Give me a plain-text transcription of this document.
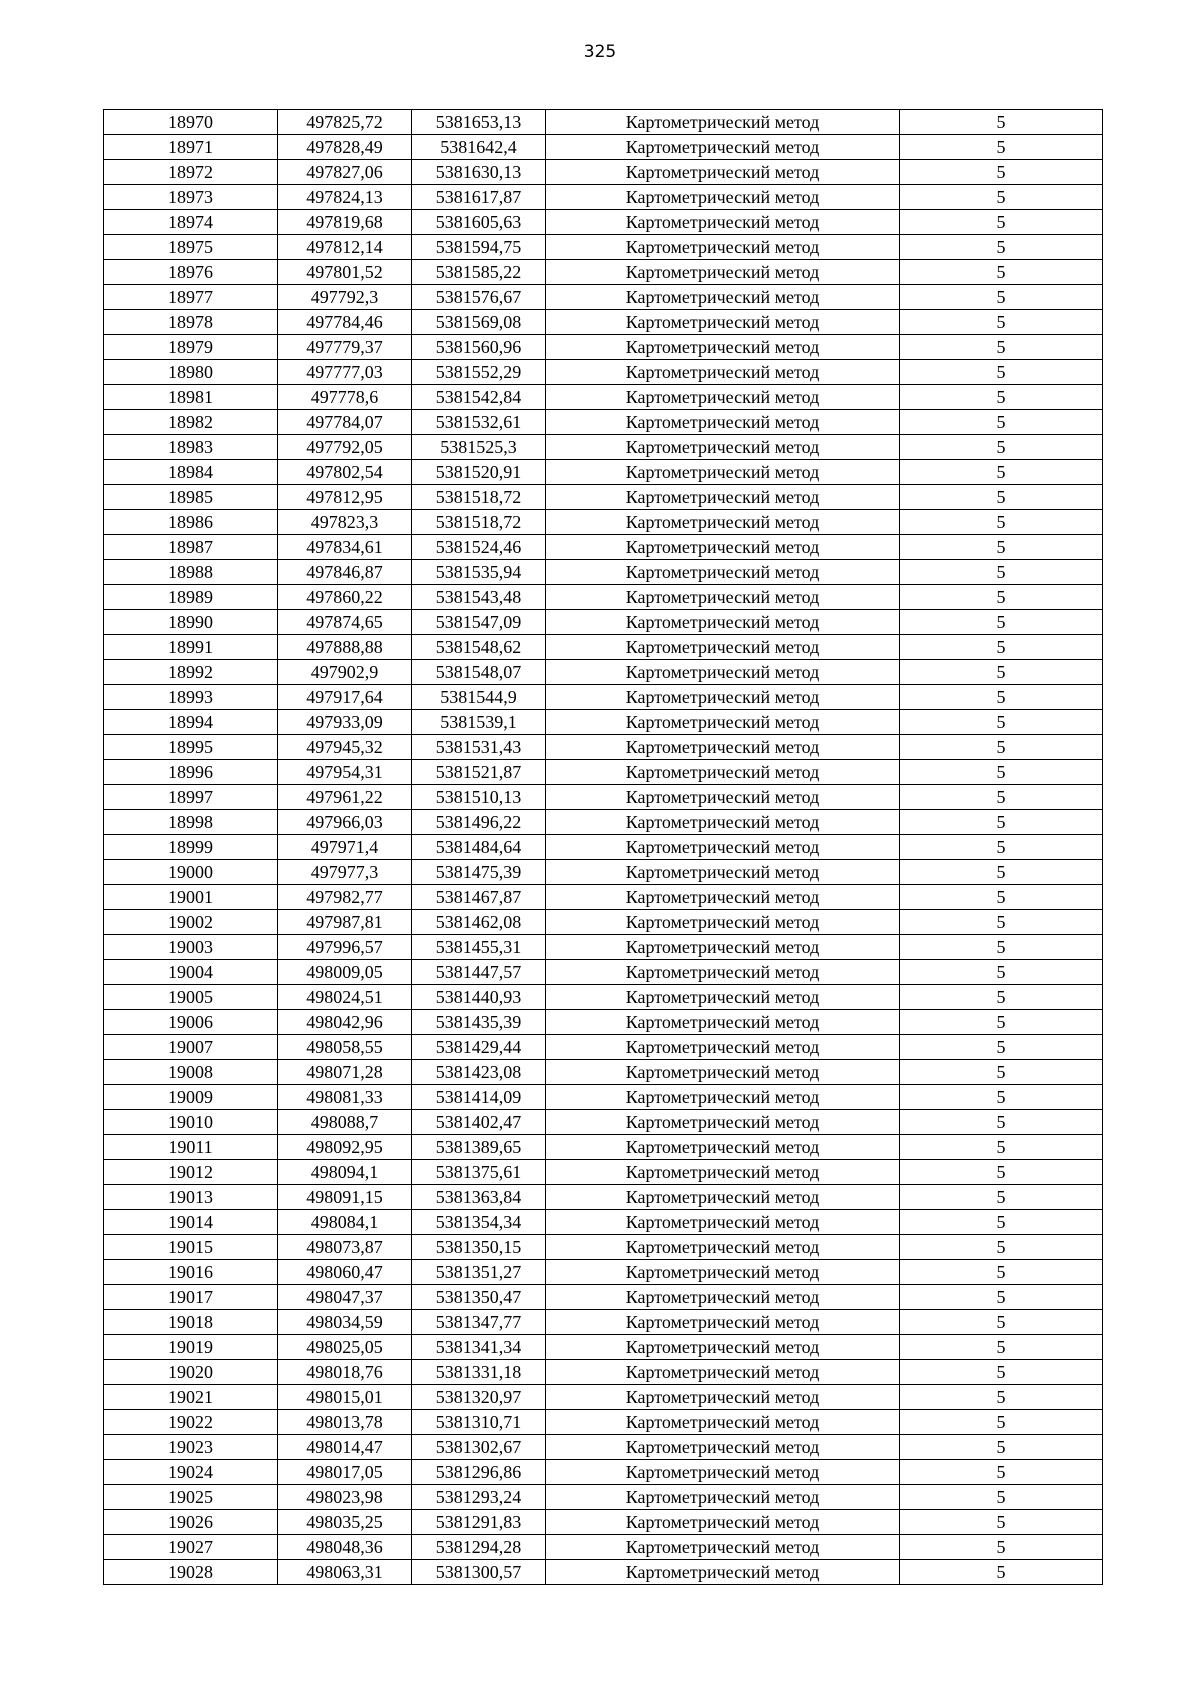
325
18970	497825,72	5381653,13	Картометрический метод	5
18971	497828,49	5381642,4	Картометрический метод	5
18972	497827,06	5381630,13	Картометрический метод	5
18973	497824,13	5381617,87	Картометрический метод	5
18974	497819,68	5381605,63	Картометрический метод	5
18975	497812,14	5381594,75	Картометрический метод	5
18976	497801,52	5381585,22	Картометрический метод	5
18977	497792,3	5381576,67	Картометрический метод	5
18978	497784,46	5381569,08	Картометрический метод	5
18979	497779,37	5381560,96	Картометрический метод	5
18980	497777,03	5381552,29	Картометрический метод	5
18981	497778,6	5381542,84	Картометрический метод	5
18982	497784,07	5381532,61	Картометрический метод	5
18983	497792,05	5381525,3	Картометрический метод	5
18984	497802,54	5381520,91	Картометрический метод	5
18985	497812,95	5381518,72	Картометрический метод	5
18986	497823,3	5381518,72	Картометрический метод	5
18987	497834,61	5381524,46	Картометрический метод	5
18988	497846,87	5381535,94	Картометрический метод	5
18989	497860,22	5381543,48	Картометрический метод	5
18990	497874,65	5381547,09	Картометрический метод	5
18991	497888,88	5381548,62	Картометрический метод	5
18992	497902,9	5381548,07	Картометрический метод	5
18993	497917,64	5381544,9	Картометрический метод	5
18994	497933,09	5381539,1	Картометрический метод	5
18995	497945,32	5381531,43	Картометрический метод	5
18996	497954,31	5381521,87	Картометрический метод	5
18997	497961,22	5381510,13	Картометрический метод	5
18998	497966,03	5381496,22	Картометрический метод	5
18999	497971,4	5381484,64	Картометрический метод	5
19000	497977,3	5381475,39	Картометрический метод	5
19001	497982,77	5381467,87	Картометрический метод	5
19002	497987,81	5381462,08	Картометрический метод	5
19003	497996,57	5381455,31	Картометрический метод	5
19004	498009,05	5381447,57	Картометрический метод	5
19005	498024,51	5381440,93	Картометрический метод	5
19006	498042,96	5381435,39	Картометрический метод	5
19007	498058,55	5381429,44	Картометрический метод	5
19008	498071,28	5381423,08	Картометрический метод	5
19009	498081,33	5381414,09	Картометрический метод	5
19010	498088,7	5381402,47	Картометрический метод	5
19011	498092,95	5381389,65	Картометрический метод	5
19012	498094,1	5381375,61	Картометрический метод	5
19013	498091,15	5381363,84	Картометрический метод	5
19014	498084,1	5381354,34	Картометрический метод	5
19015	498073,87	5381350,15	Картометрический метод	5
19016	498060,47	5381351,27	Картометрический метод	5
19017	498047,37	5381350,47	Картометрический метод	5
19018	498034,59	5381347,77	Картометрический метод	5
19019	498025,05	5381341,34	Картометрический метод	5
19020	498018,76	5381331,18	Картометрический метод	5
19021	498015,01	5381320,97	Картометрический метод	5
19022	498013,78	5381310,71	Картометрический метод	5
19023	498014,47	5381302,67	Картометрический метод	5
19024	498017,05	5381296,86	Картометрический метод	5
19025	498023,98	5381293,24	Картометрический метод	5
19026	498035,25	5381291,83	Картометрический метод	5
19027	498048,36	5381294,28	Картометрический метод	5
19028	498063,31	5381300,57	Картометрический метод	5
